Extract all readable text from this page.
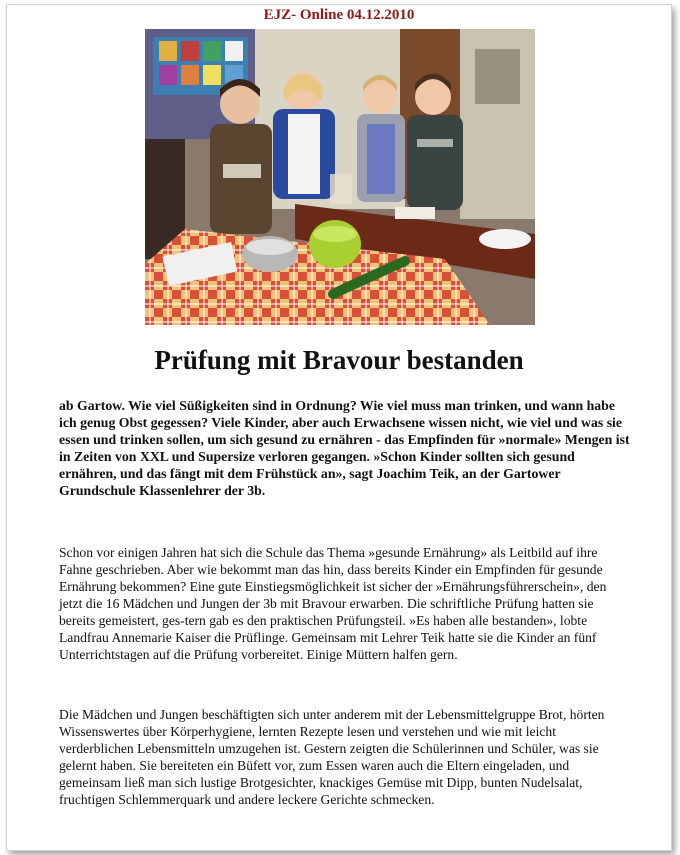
EJZ- Online 04.12.2010
Prüfung mit Bravour bestanden

ab Gartow. Wie viel Süßigkeiten sind in Ordnung? Wie viel muss man trinken, und wann habe ich genug Obst gegessen? Viele Kinder, aber auch Erwachsene wissen nicht, wie viel und was sie essen und trinken sollen, um sich gesund zu ernähren - das Empfinden für »normale» Mengen ist in Zeiten von XXL und Supersize verloren gegangen. »Schon Kinder sollten sich gesund ernähren, und das fängt mit dem Frühstück an», sagt Joachim Teik, an der Gartower Grundschule Klassenlehrer der 3b.

Schon vor einigen Jahren hat sich die Schule das Thema »gesunde Ernährung» als Leitbild auf ihre Fahne geschrieben. Aber wie bekommt man das hin, dass bereits Kinder ein Empfinden für gesunde Ernährung bekommen? Eine gute Einstiegsmöglichkeit ist sicher der »Ernährungsführerschein», den jetzt die 16 Mädchen und Jungen der 3b mit Bravour erwarben. Die schriftliche Prüfung hatten sie bereits gemeistert, ges-tern gab es den praktischen Prüfungsteil. »Es haben alle bestanden», lobte Landfrau Annemarie Kaiser die Prüflinge. Gemeinsam mit Lehrer Teik hatte sie die Kinder an fünf Unterrichtstagen auf die Prüfung vorbereitet. Einige Müttern halfen gern.

Die Mädchen und Jungen beschäftigten sich unter anderem mit der Lebensmittelgruppe Brot, hörten Wissenswertes über Körperhygiene, lernten Rezepte lesen und verstehen und wie mit leicht verderblichen Lebensmitteln umzugehen ist. Gestern zeigten die Schülerinnen und Schüler, was sie gelernt haben. Sie bereiteten ein Büfett vor, zum Essen waren auch die Eltern eingeladen, und gemeinsam ließ man sich lustige Brotgesichter, knackiges Gemüse mit Dipp, bunten Nudelsalat, fruchtigen Schlemmerquark und andere leckere Gerichte schmecken.
